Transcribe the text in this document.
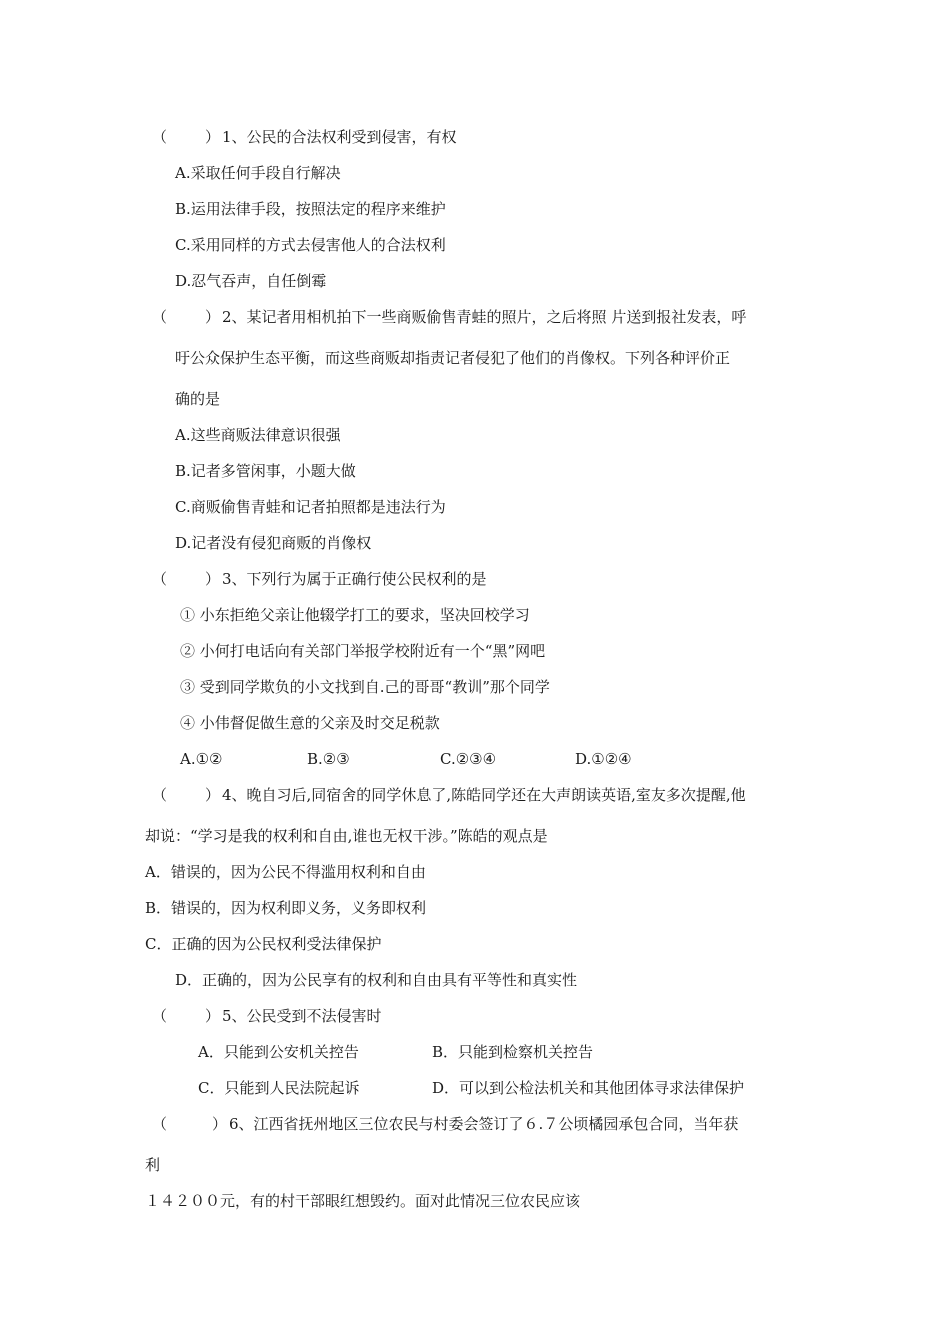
（	） 1、公民的合法权利受到侵害，有权
A.采取任何手段自行解决
B.运用法律手段，按照法定的程序来维护
C.采用同样的方式去侵害他人的合法权利
D.忍气吞声，自任倒霉
（	） 2、某记者用相机拍下一些商贩偷售青蛙的照片，之后将照 片送到报社发表，呼
吁公众保护生态平衡，而这些商贩却指责记者侵犯了他们的肖像权。下列各种评价正
确的是
A.这些商贩法律意识很强
B.记者多管闲事，小题大做
C.商贩偷售青蛙和记者拍照都是违法行为
D.记者没有侵犯商贩的肖像权
（	） 3、下列行为属于正确行使公民权利的是
① 小东拒绝父亲让他辍学打工的要求，坚决回校学习
② 小何打电话向有关部门举报学校附近有一个“黑”网吧
③ 受到同学欺负的小文找到自.己的哥哥“教训”那个同学
④ 小伟督促做生意的父亲及时交足税款
A.①②	B.②③	C.②③④	D.①②④
（	） 4、晚自习后,同宿舍的同学休息了,陈皓同学还在大声朗读英语,室友多次提醒,他
却说：“学习是我的权利和自由,谁也无权干涉。”陈皓的观点是
A．错误的，因为公民不得滥用权利和自由
B．错误的，因为权利即义务，义务即权利
C．正确的因为公民权利受法律保护
D．正确的，因为公民享有的权利和自由具有平等性和真实性
（	） 5、公民受到不法侵害时
A．只能到公安机关控告	B．只能到检察机关控告
C．只能到人民法院起诉	D．可以到公检法机关和其他团体寻求法律保护
（	） 6、江西省抚州地区三位农民与村委会签订了６.７公顷橘园承包合同，当年获
利
１４２００元，有的村干部眼红想毁约。面对此情况三位农民应该
